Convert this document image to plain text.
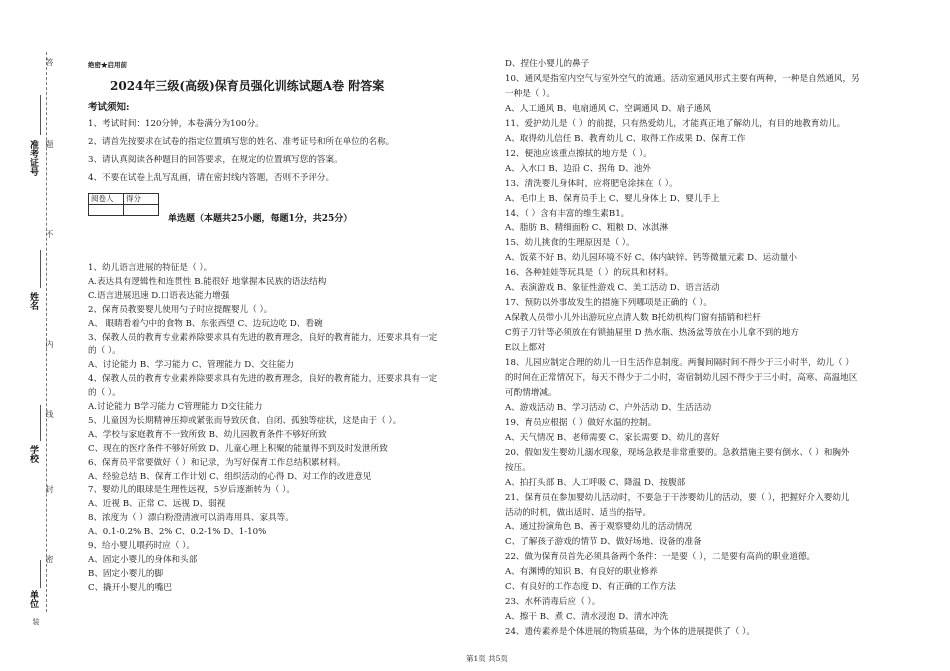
答
题
不
内
线
封
密
准考证号
姓名
学校
单位
装
绝密★启用前
2024年三级(高级)保育员强化训练试题A卷 附答案
考试须知:
1、考试时间：120分钟，本卷满分为100分。
2、请首先按要求在试卷的指定位置填写您的姓名、准考证号和所在单位的名称。
3、请认真阅读各种题目的回答要求，在规定的位置填写您的答案。
4、不要在试卷上乱写乱画，请在密封线内答题，否则不予评分。
阅卷人	得分

单选题（本题共25小题，每题1分，共25分）
1、幼儿语言进展的特征是（ ）。
A.表达具有逻辑性和连贯性 B.能很好 地掌握本民族的语法结构
C.语言进展迅速 D.口语表达能力增强
2、保育员教要婴儿使用勺子时应提醒婴儿（ ）。
A、 眼睛看着勺中的食物 B、东张西望 C、边玩边吃 D、看碗
3、保教人员的教育专业素养除要求具有先进的教育理念，良好的教育能力，还要求具有一定
的（ ）。
A、讨论能力 B、学习能力 C、管理能力 D、交往能力
4、保教人员的教育专业素养除要求具有先进的教育理念，良好的教育能力，还要求具有一定
的（ ）。
A.讨论能力 B学习能力 C管理能力 D交往能力
5、儿童因为长期精神压抑或紧张而导致厌食、自闭、孤独等症状，这是由于（ ）。
A、学校与家庭教育不一致所致 B、幼儿园教育条件不够好所致
C、现在的医疗条件不够好所致 D、儿童心理上积聚的能量得不到及时发泄所致
6、保育员平常要做好（ ）和记录，为写好保育工作总结积累材料。
A、经验总结 B、保育工作计划 C、组织活动的心得 D、对工作的改进意见
7、婴幼儿的眼球是生理性远视，5岁后逐渐转为（ ）。
A、近视 B、正常 C、远视 D、弱视
8、浓度为（ ）漂白粉澄清液可以消毒用具、家具等。
A、0.1-0.2% B、2% C、0.2-1% D、1-10%
9、给小婴儿喂药时应（ ）。
A、固定小婴儿的身体和头部
B、固定小婴儿的脚
C、撬开小婴儿的嘴巴
D、捏住小婴儿的鼻子
10、通风是指室内空气与室外空气的流通。活动室通风形式主要有两种，一种是自然通风，另
一种是（ ）。
A、人工通风 B、电扇通风 C、空调通风 D、扇子通风
11、爱护幼儿是（ ）的前提，只有热爱幼儿，才能真正地了解幼儿，有目的地教育幼儿。
A、取得幼儿信任 B、教育幼儿 C、取得工作成果 D、保育工作
12、便池应该重点擦拭的地方是（ ）。
A、入水口 B、边沿 C、拐角 D、池外
13、清洗婴儿身体时，应将肥皂涂抹在（ ）。
A、毛巾上 B、保育员手上 C、婴儿身体上 D、婴儿手上
14、（ ）含有丰富的维生素B1。
A、脂肪 B、精细面粉 C、粗粮 D、冰淇淋
15、幼儿挑食的生理原因是（ ）。
A、饭菜不好 B、幼儿园环境不好 C、体内缺锌、钙等微量元素 D、运动量小
16、各种娃娃等玩具是（ ）的玩具和材料。
A、表演游戏 B、象征性游戏 C、美工活动 D、语言活动
17、预防以外事故发生的措施下列哪项是正确的（ ）。
A保教人员带小儿外出游玩应点清人数 B托幼机构门窗有插销和栏杆
C剪子刀针等必须放在有锁抽屉里 D 热水瓶、热汤盆等放在小儿拿不到的地方
E以上都对
18、儿园应制定合理的幼儿一日生活作息制度。两餐间隔时间不得少于三小时半，幼儿（ ）
的时间在正常情况下，每天不得少于二小时，寄宿制幼儿园不得少于三小时，高寒、高温地区
可酌情增减。
A、游戏活动 B、学习活动 C、户外活动 D、生活活动
19、育员应根据（ ）做好水温的控制。
A、天气情况 B、老师需要 C、家长需要 D、幼儿的喜好
20、假如发生婴幼儿溺水现象，现场急救是非常重要的。急救措施主要有倒水、（ ）和胸外
按压。
A、拍打头部 B、人工呼吸 C、降温 D、按腹部
21、保育员在参加婴幼儿活动时，不要急于干涉婴幼儿的活动，要（ ），把握好介入婴幼儿
活动的时机，做出适时、适当的指导。
A、通过扮演角色 B、善于观察婴幼儿的活动情况
C、了解孩子游戏的情节 D、做好场地、设备的准备
22、做为保育员首先必须具备两个条件：一是要（ ），二是要有高尚的职业道德。
A、有渊博的知识 B、有良好的职业修养
C、有良好的工作态度 D、有正确的工作方法
23、水杯消毒后应（ ）。
A、擦干 B、煮 C、清水浸泡 D、清水冲洗
24、遗传素养是个体进展的物质基础，为个体的进展提供了（ ）。
第1页 共5页
